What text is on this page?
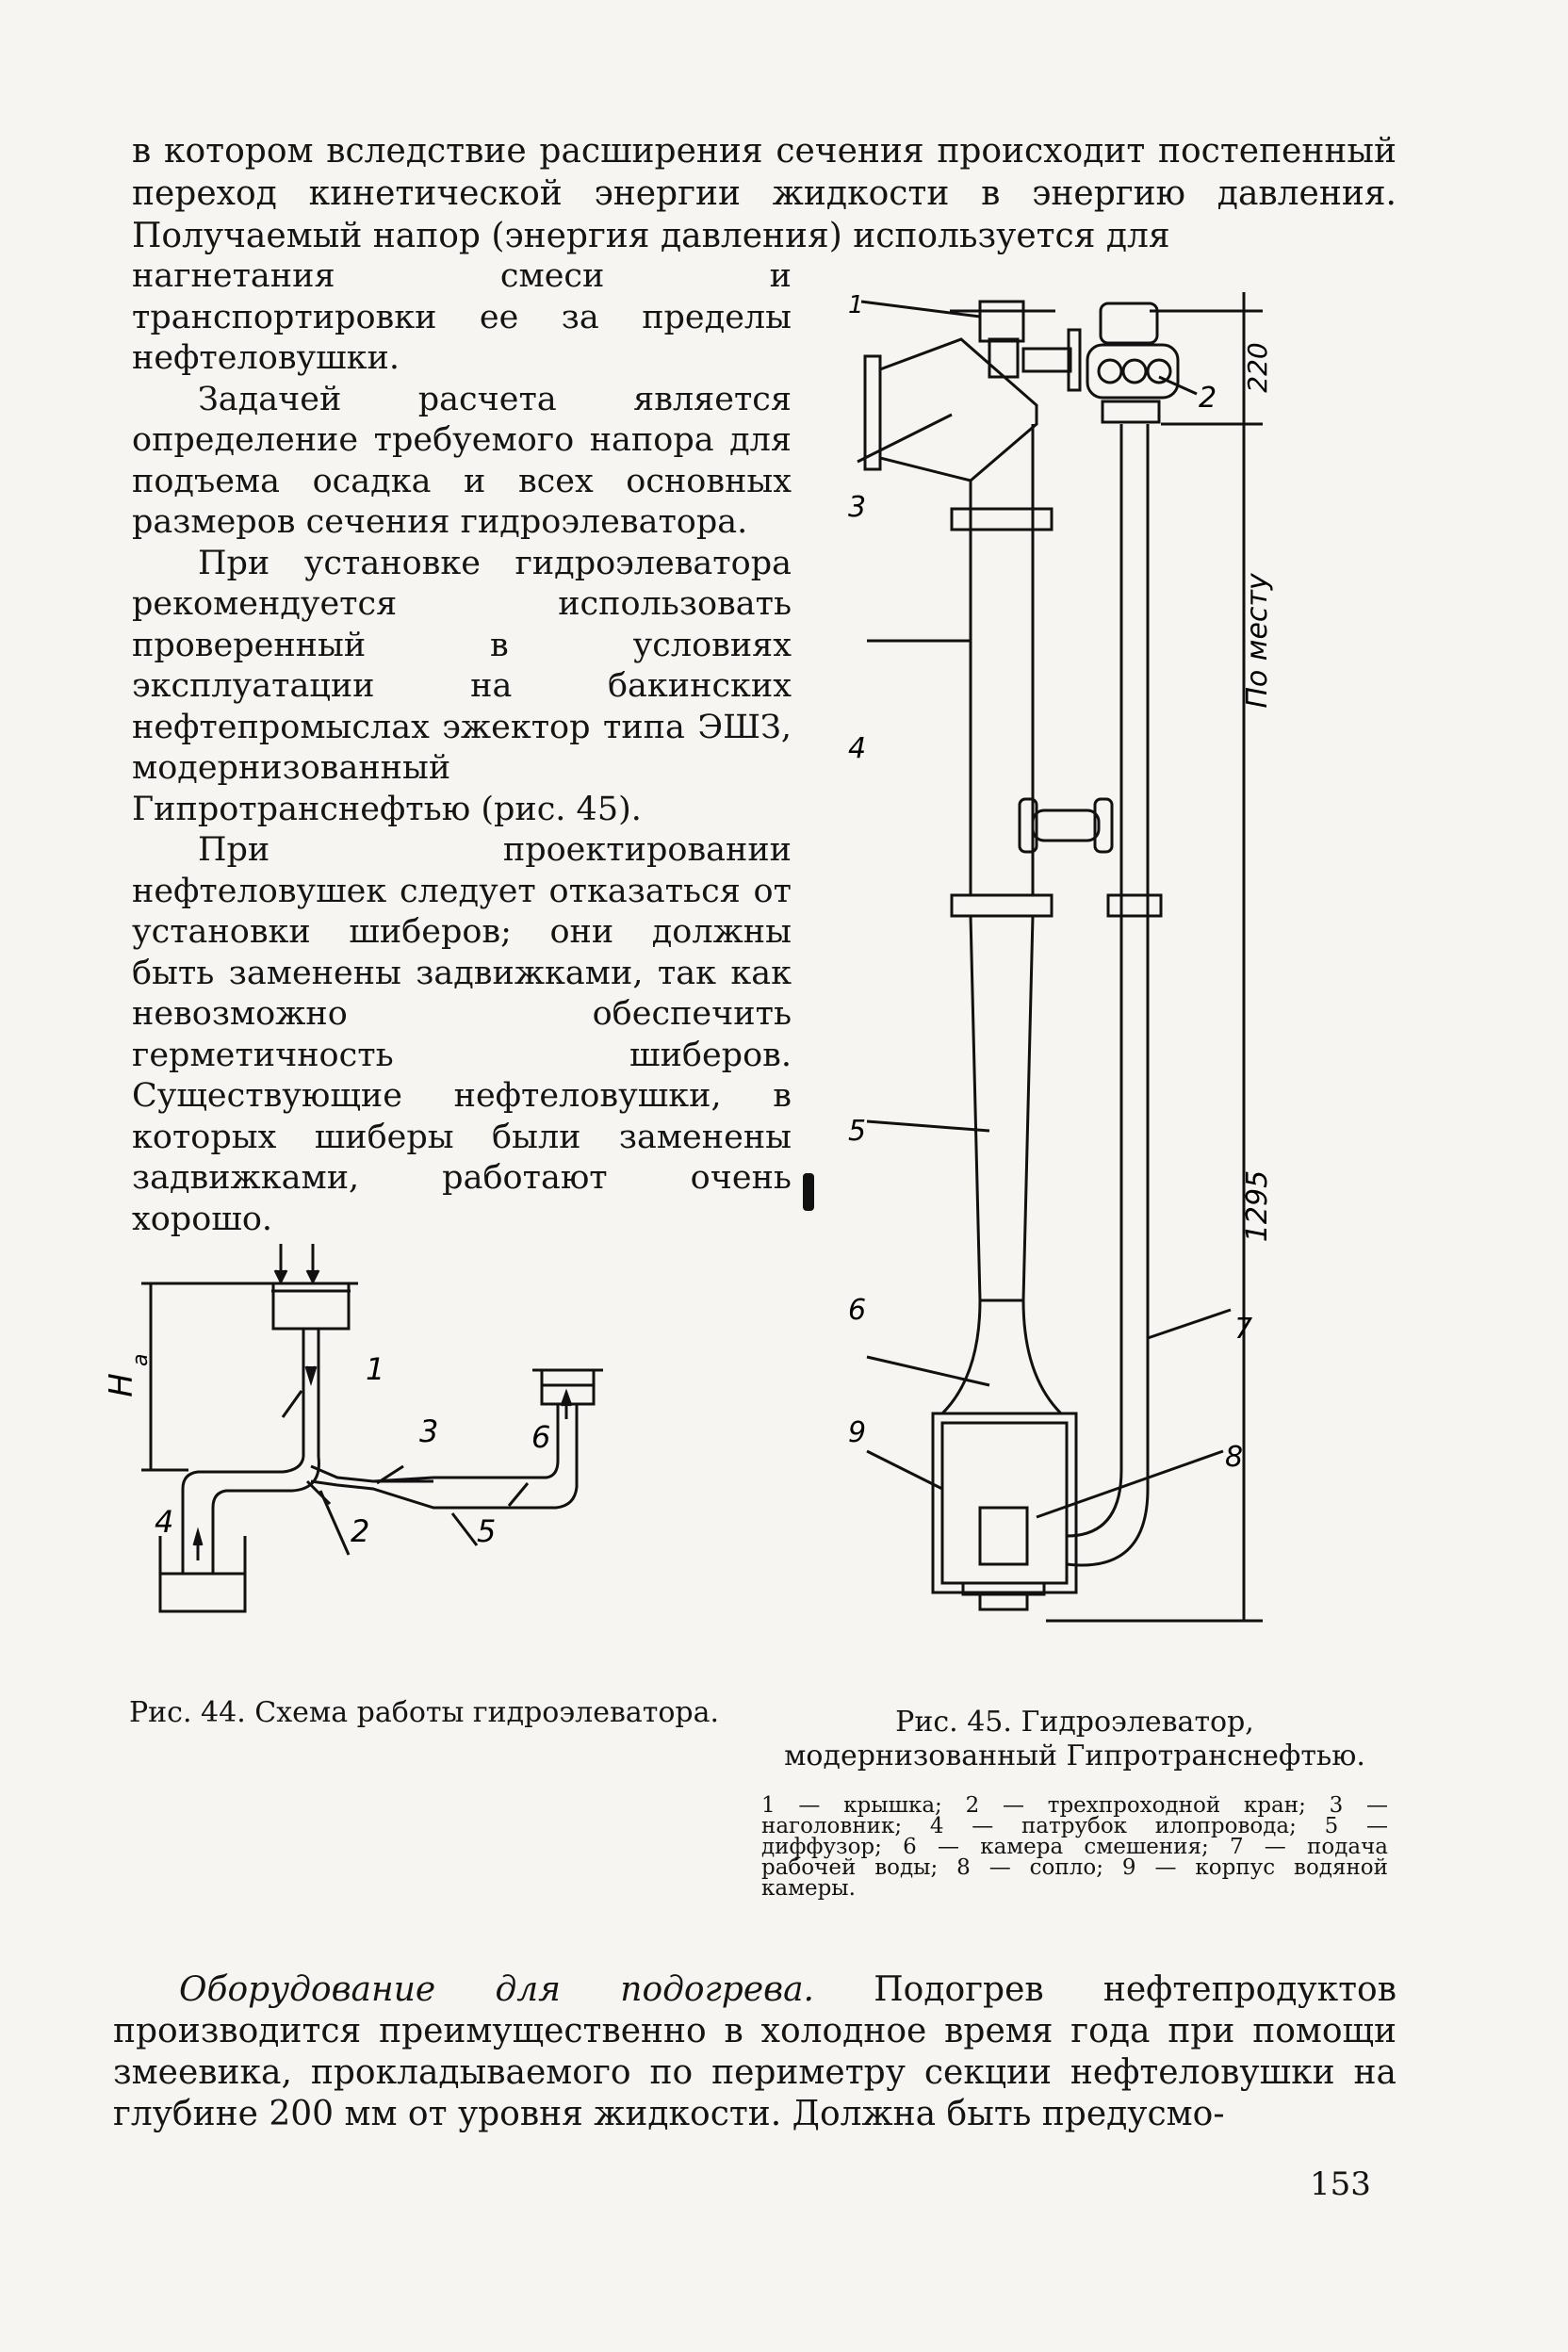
в котором вследствие расширения сечения происходит постепенный переход кинетической энергии жидкости в энергию давления. Получаемый напор (энергия давления) используется для

нагнетания смеси и транспортировки ее за пределы нефтеловушки.

Задачей расчета является определение требуемого напора для подъема осадка и всех основных размеров сечения гидроэлеватора.

При установке гидроэлеватора рекомендуется использовать проверенный в условиях эксплуатации на бакинских нефтепромыслах эжектор типа ЭШЗ, модернизованный Гипротранснефтью (рис. 45).

При проектировании нефтеловушек следует отказаться от установки шиберов; они должны быть заменены задвижками, так как невозможно обеспечить герметичность шиберов. Существующие нефтеловушки, в которых шиберы были заменены задвижками, работают очень хорошо.

H
a	1
2
3
4	5
6
Рис. 44. Схема работы гидроэлеватора.
1
2
3
4
5
6
7
8
9
220
По месту
1295
Рис. 45. Гидроэлеватор, модернизованный Гипротранснефтью.
1 — крышка; 2 — трехпроходной кран; 3 — наголовник; 4 — патрубок илопровода; 5 — диффузор; 6 — камера смешения; 7 — подача рабочей воды; 8 — сопло; 9 — корпус водяной камеры.

Оборудование для подогрева. Подогрев нефтепродуктов производится преимущественно в холодное время года при помощи змеевика, прокладываемого по периметру секции нефтеловушки на глубине 200 мм от уровня жидкости. Должна быть предусмо-

153
